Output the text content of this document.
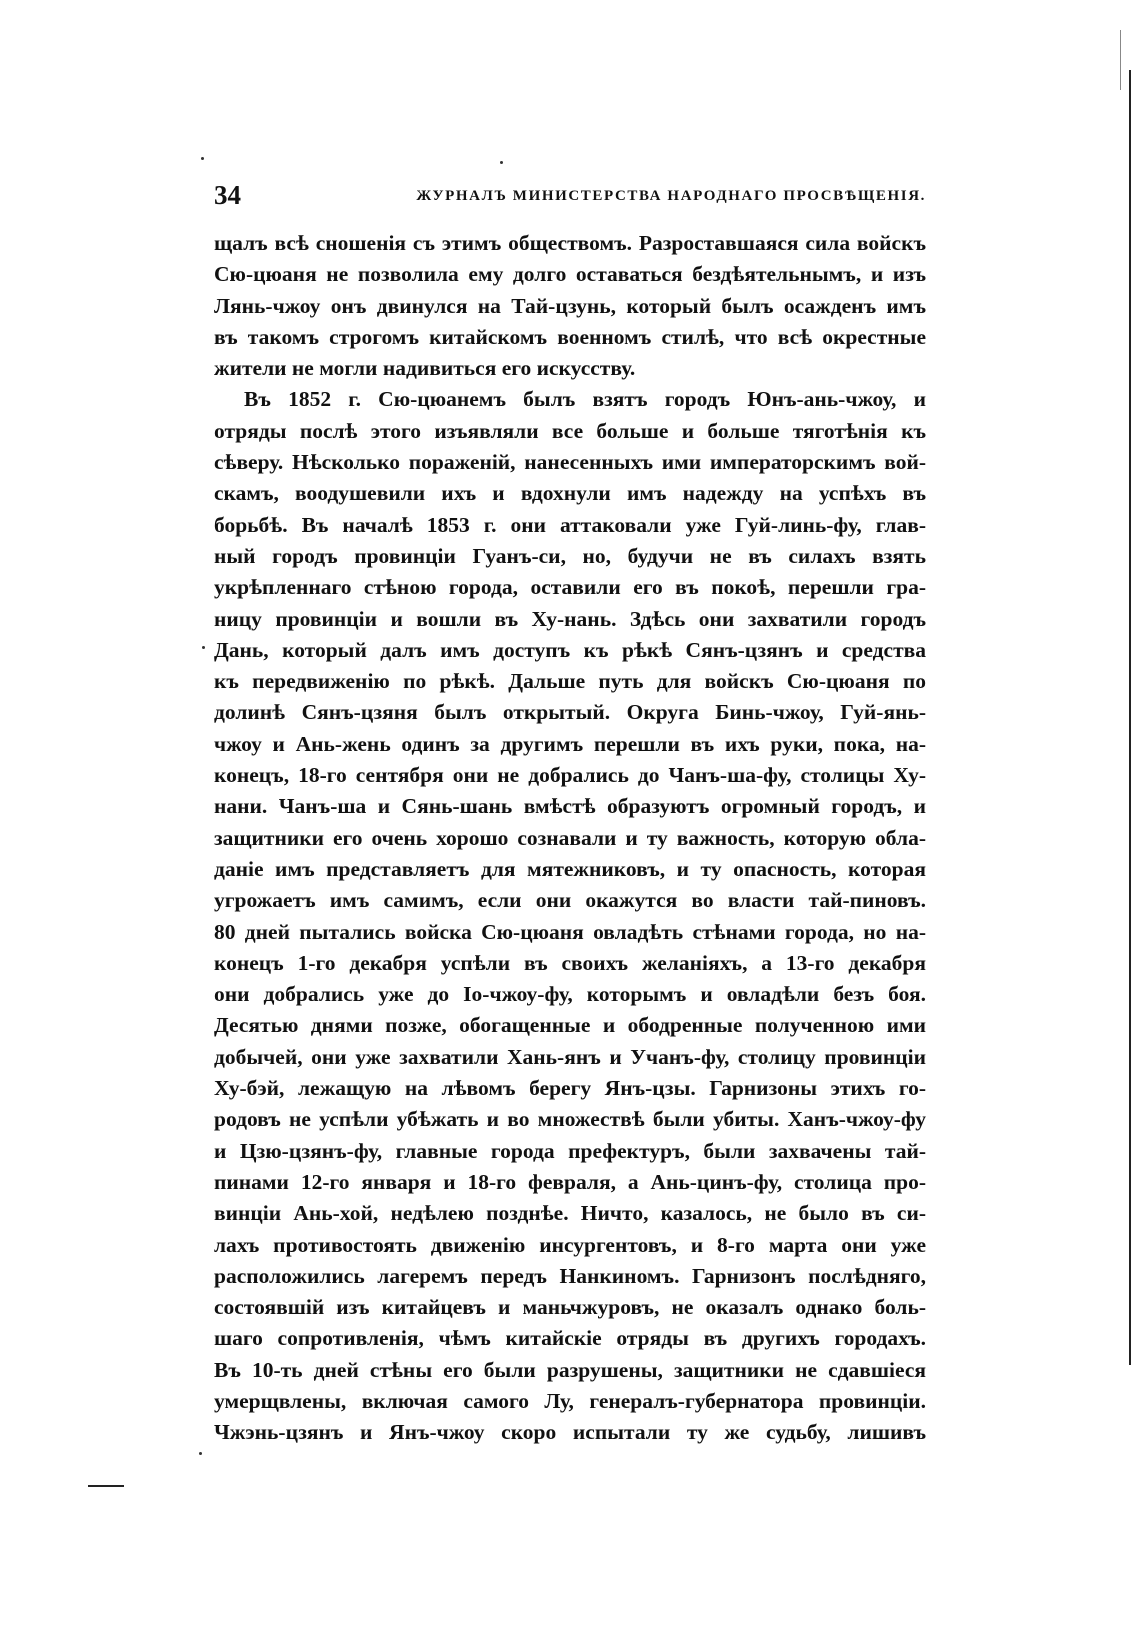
34	ЖУРНАЛЪ МИНИСТЕРСТВА НАРОДНАГО ПРОСВѢЩЕНІЯ.
щалъ всѣ сношенія съ этимъ обществомъ. Разроставшаяся сила войскъ
Сю-цюаня не позволила ему долго оставаться бездѣятельнымъ, и изъ
Лянь-чжоу онъ двинулся на Тай-цзунь, который былъ осажденъ имъ
въ такомъ строгомъ китайскомъ военномъ стилѣ, что всѣ окрестные
жители не могли надивиться его искусству.
Въ 1852 г. Сю-цюанемъ былъ взятъ городъ Юнъ-ань-чжоу, и
отряды послѣ этого изъявляли все больше и больше тяготѣнія къ
сѣверу. Нѣсколько пораженій, нанесенныхъ ими императорскимъ вой-
скамъ, воодушевили ихъ и вдохнули имъ надежду на успѣхъ въ
борьбѣ. Въ началѣ 1853 г. они аттаковали уже Гуй-линь-фу, глав-
ный городъ провинціи Гуанъ-си, но, будучи не въ силахъ взять
укрѣпленнаго стѣною города, оставили его въ покоѣ, перешли гра-
ницу провинціи и вошли въ Ху-нань. Здѣсь они захватили городъ
Дань, который далъ имъ доступъ къ рѣкѣ Сянъ-цзянъ и средства
къ передвиженію по рѣкѣ. Дальше путь для войскъ Сю-цюаня по
долинѣ Сянъ-цзяня былъ открытый. Округа Бинь-чжоу, Гуй-янь-
чжоу и Ань-жень одинъ за другимъ перешли въ ихъ руки, пока, на-
конецъ, 18-го сентября они не добрались до Чанъ-ша-фу, столицы Ху-
нани. Чанъ-ша и Сянь-шань вмѣстѣ образуютъ огромный городъ, и
защитники его очень хорошо сознавали и ту важность, которую обла-
даніе имъ представляетъ для мятежниковъ, и ту опасность, которая
угрожаетъ имъ самимъ, если они окажутся во власти тай-пиновъ.
80 дней пытались войска Сю-цюаня овладѣть стѣнами города, но на-
конецъ 1-го декабря успѣли въ своихъ желаніяхъ, а 13-го декабря
они добрались уже до Іо-чжоу-фу, которымъ и овладѣли безъ боя.
Десятью днями позже, обогащенные и ободренные полученною ими
добычей, они уже захватили Хань-янъ и Учанъ-фу, столицу провинціи
Ху-бэй, лежащую на лѣвомъ берегу Янъ-цзы. Гарнизоны этихъ го-
родовъ не успѣли убѣжать и во множествѣ были убиты. Ханъ-чжоу-фу
и Цзю-цзянъ-фу, главные города префектуръ, были захвачены тай-
пинами 12-го января и 18-го февраля, а Ань-цинъ-фу, столица про-
винціи Ань-хой, недѣлею позднѣе. Ничто, казалось, не было въ си-
лахъ противостоять движенію инсургентовъ, и 8-го марта они уже
расположились лагеремъ передъ Нанкиномъ. Гарнизонъ послѣдняго,
состоявшій изъ китайцевъ и маньчжуровъ, не оказалъ однако боль-
шаго сопротивленія, чѣмъ китайскіе отряды въ другихъ городахъ.
Въ 10-ть дней стѣны его были разрушены, защитники не сдавшіеся
умерщвлены, включая самого Лу, генералъ-губернатора провинціи.
Чжэнь-цзянъ и Янъ-чжоу скоро испытали ту же судьбу, лишивъ
